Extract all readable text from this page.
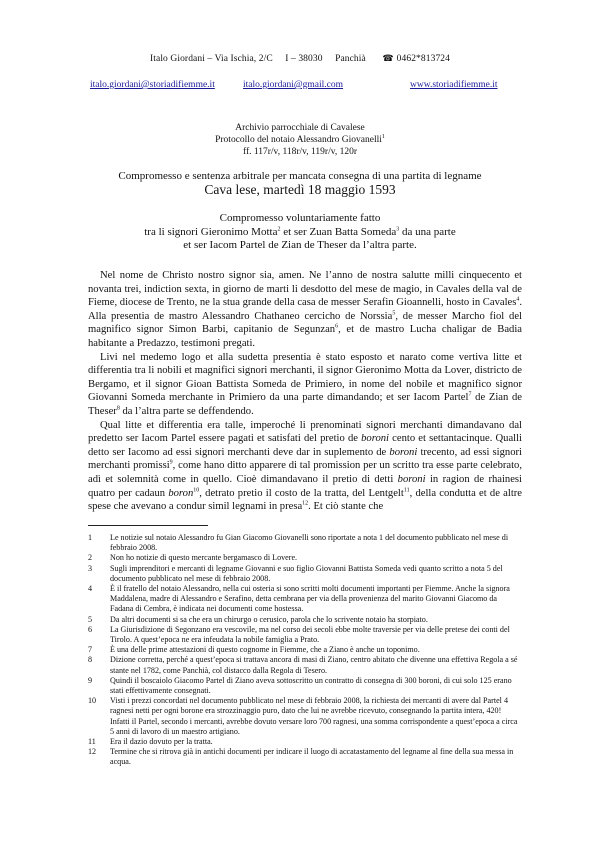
Italo Giordani – Via Ischia, 2/C I – 38030 Panchià ☎ 0462*813724
italo.giordani@storiadifiemme.it	italo.giordani@gmail.com	www.storiadifiemme.it
Archivio parrocchiale di Cavalese
Protocollo del notaio Alessandro Giovanelli$^1$
ff. 117r/v, 118r/v, 119r/v, 120r
Compromesso e sentenza arbitrale per mancata consegna di una partita di legname
Cava lese, martedì 18 maggio 1593
Compromesso voluntariamente fatto
tra li signori Gieronimo Motta$^2$ et ser Zuan Batta Someda$^3$ da una parte
et ser Iacom Partel de Zian de Theser da l’altra parte.

Nel nome de Christo nostro signor sia, amen. Ne l’anno de nostra salutte milli cinquecento et novanta trei, indiction sexta, in giorno de marti li desdotto del mese de magio, in Cavales della val de Fieme, diocese de Trento, ne la stua grande della casa de messer Serafin Gioannelli, hosto in Cavales$^4$. Alla presentia de mastro Alessandro Chathaneo cercicho de Norssia$^5$, de messer Marcho fiol del magnifico signor Simon Barbi, capitanio de Segunzan$^6$, et de mastro Lucha chaligar de Badia habitante a Predazzo, testimoni pregati.

Livi nel medemo logo et alla sudetta presentia è stato esposto et narato come vertiva litte et differentia tra li nobili et magnifici signori merchanti, il signor Gieronimo Motta da Lover, districto de Bergamo, et il signor Gioan Battista Someda de Primiero, in nome del nobile et magnifico signor Giovanni Someda merchante in Primiero da una parte dimandando; et ser Iacom Partel$^7$ de Zian de Theser$^8$ da l’altra parte se deffendendo.

Qual litte et differentia era talle, imperoché li prenominati signori merchanti dimandavano dal predetto ser Iacom Partel essere pagati et satisfati del pretio de boroni cento et settantacinque. Qualli detto ser Iacomo ad essi signori merchanti deve dar in suplemento de boroni trecento, ad essi signori merchanti promissi$^9$, come hano ditto apparere di tal promission per un scritto tra esse parte celebrato, adì et solemnità come in quello. Cioè dimandavano il pretio di detti boroni in ragion de rhainesi quatro per cadaun boron$^{10}$, detrato pretio il costo de la tratta, del Lentgelt$^{11}$, della condutta et de altre spese che avevano a condur simil legnami in presa$^{12}$. Et ciò stante che

1	Le notizie sul notaio Alessandro fu Gian Giacomo Giovanelli sono riportate a nota 1 del documento pubblicato nel mese di febbraio 2008.
2	Non ho notizie di questo mercante bergamasco di Lovere.
3	Sugli imprenditori e mercanti di legname Giovanni e suo figlio Giovanni Battista Someda vedi quanto scritto a nota 5 del documento pubblicato nel mese di febbraio 2008.
4	È il fratello del notaio Alessandro, nella cui osteria si sono scritti molti documenti importanti per Fiemme. Anche la signora Maddalena, madre di Alessandro e Serafino, detta cembrana per via della provenienza del marito Giovanni Giacomo da Fadana di Cembra, è indicata nei documenti come hostessa.
5	Da altri documenti si sa che era un chirurgo o cerusico, parola che lo scrivente notaio ha storpiato.
6	La Giurisdizione di Segonzano era vescovile, ma nel corso dei secoli ebbe molte traversie per via delle pretese dei conti del Tirolo. A quest’epoca ne era infeudata la nobile famiglia a Prato.
7	È una delle prime attestazioni di questo cognome in Fiemme, che a Ziano è anche un toponimo.
8	Dizione corretta, perché a quest’epoca si trattava ancora di masi di Ziano, centro abitato che divenne una effettiva Regola a sé stante nel 1782, come Panchià, col distacco dalla Regola di Tesero.
9	Quindi il boscaiolo Giacomo Partel di Ziano aveva sottoscritto un contratto di consegna di 300 boroni, di cui solo 125 erano stati effettivamente consegnati.
10	Visti i prezzi concordati nel documento pubblicato nel mese di febbraio 2008, la richiesta dei mercanti di avere dal Partel 4 ragnesi netti per ogni borone era strozzinaggio puro, dato che lui ne avrebbe ricevuto, consegnando la partita intera, 420! Infatti il Partel, secondo i mercanti, avrebbe dovuto versare loro 700 ragnesi, una somma corrispondente a quest’epoca a circa 5 anni di lavoro di un maestro artigiano.
11	Era il dazio dovuto per la tratta.
12	Termine che si ritrova già in antichi documenti per indicare il luogo di accatastamento del legname al fine della sua messa in acqua.
